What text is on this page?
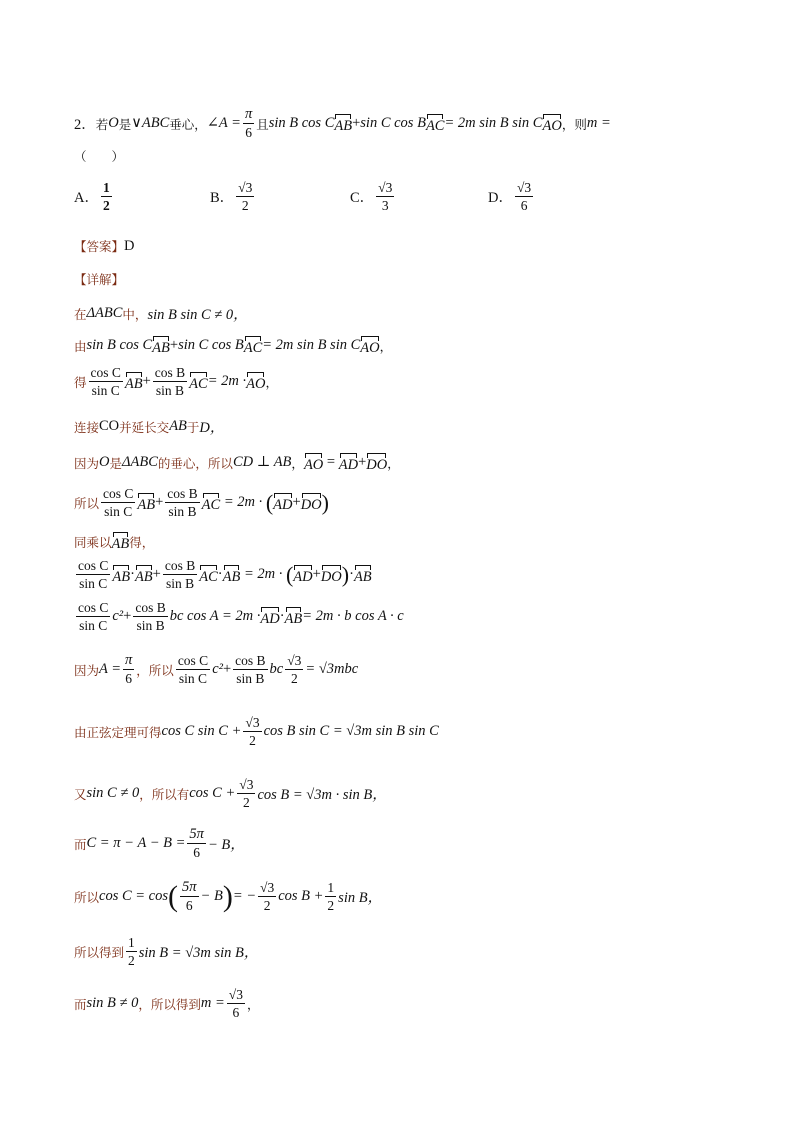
2． 若 O 是 ∨ABC 垂心， ∠A = $\frac{\pi}{6}$ 且 sin B cos C AB + sin C cos B AC = 2m sin B sin C AO ，则 m =
（　　）
A． $\frac{1}{2}$	B． $\frac{√3}{2}$	C． $\frac{√3}{3}$	D． $\frac{√3}{6}$
【答案】 D
【详解】
在 ΔABC 中， sin B sin C ≠ 0，
由 sin B cos C AB + sin C cos B AC = 2m sin B sin C AO ，
得 $\frac{\text{cos C}}{\text{sin C}}$ AB + $\frac{\text{cos B}}{\text{sin B}}$ AC = 2m · AO ，
连接 CO 并延长交 AB 于 D，
因为 O 是 ΔABC 的垂心，所以 CD ⊥ AB ， AO = AD + DO ，
所以 $\frac{\text{cos C}}{\text{sin C}}$ AB + $\frac{\text{cos B}}{\text{sin B}}$ AC = 2m · ( AD + DO )
同乘以 AB 得，
$\frac{\text{cos C}}{\text{sin C}}$ AB · AB + $\frac{\text{cos B}}{\text{sin B}}$ AC · AB = 2m · ( AD + DO ) · AB
$\frac{\text{cos C}}{\text{sin C}} c^2 + \frac{\text{cos B}}{\text{sin B}}$ bc cos A = 2m · AD · AB = 2m · b cos A · c
因为 $A = \frac{\pi}{6}$ ，所以 $\frac{\text{cos C}}{\text{sin C}} c^2 + \frac{\text{cos B}}{\text{sin B}}$ bc $\frac{√3}{2} = √3mbc$
由正弦定理可得 cos C $\sin C + \frac{√3}{2}$ cos B sin C = √3m sin B sin C
又 sin C ≠ 0 ，所以有 $\cos C + \frac{√3}{2}$ cos B = √3m · sin B，
而 $C = \pi - A - B = \frac{5\pi}{6} - B$，
所以 cos C = cos ( $\frac{5\pi}{6} - B$ ) = − $\frac{√3}{2}$ $\cos B + \frac{1}{2}$ sin B，
所以得到 $\frac{1}{2}$ sin B = √3m sin B，
而 sin B ≠ 0 ，所以得到 $m = \frac{√3}{6}$ ，
